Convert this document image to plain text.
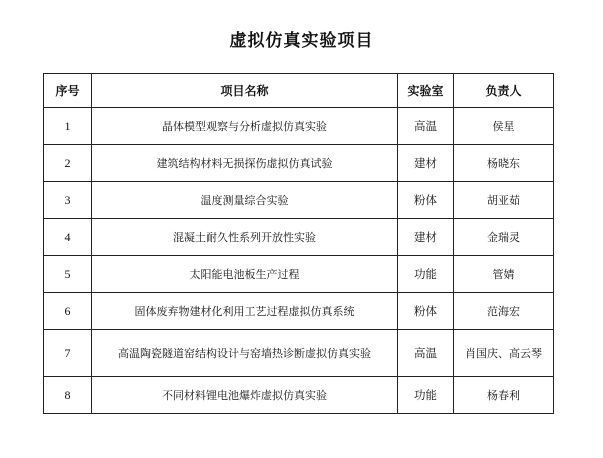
虚拟仿真实验项目
序号	项目名称	实验室	负责人
1	晶体模型观察与分析虚拟仿真实验	高温	侯星
2	建筑结构材料无损探伤虚拟仿真试验	建材	杨晓东
3	温度测量综合实验	粉体	胡亚茹
4	混凝土耐久性系列开放性实验	建材	金瑞灵
5	太阳能电池板生产过程	功能	管婧
6	固体废弃物建材化利用工艺过程虚拟仿真系统	粉体	范海宏
7	高温陶瓷隧道窑结构设计与窑墙热诊断虚拟仿真实验	高温	肖国庆、高云琴
8	不同材料锂电池爆炸虚拟仿真实验	功能	杨春利
